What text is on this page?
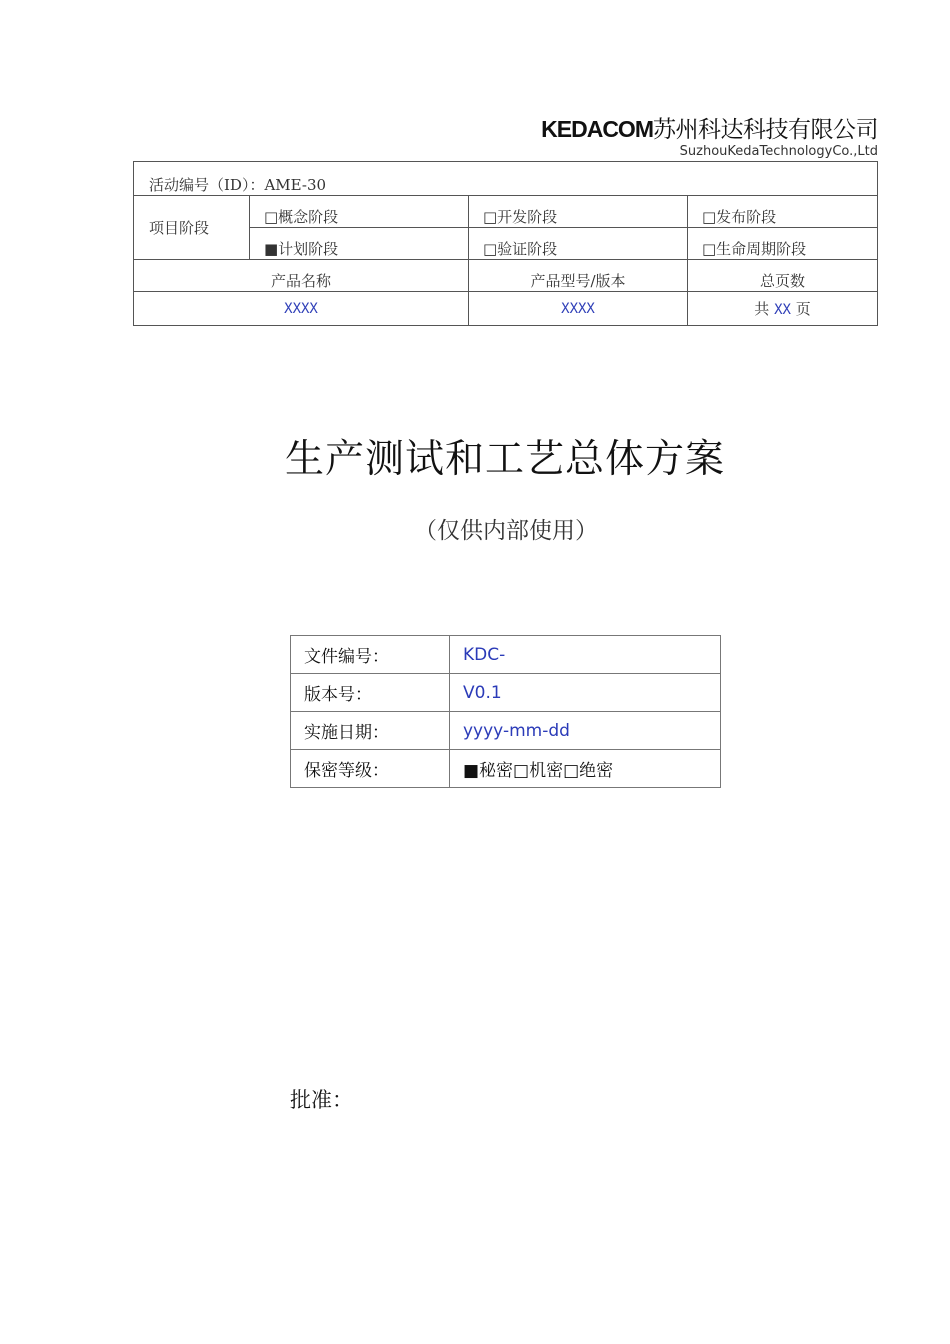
KEDACOM苏州科达科技有限公司
SuzhouKedaTechnologyCo.,Ltd
活动编号（ID）：AME-30			
项目阶段	□概念阶段	□开发阶段	□发布阶段
	■计划阶段	□验证阶段	□生命周期阶段
产品名称		产品型号/版本	总页数
XXXX		XXXX	共 XX 页
生产测试和工艺总体方案
（仅供内部使用）
文件编号：	KDC-
版本号：	V0.1
实施日期：	yyyy-mm-dd
保密等级：	■秘密□机密□绝密
批准：
